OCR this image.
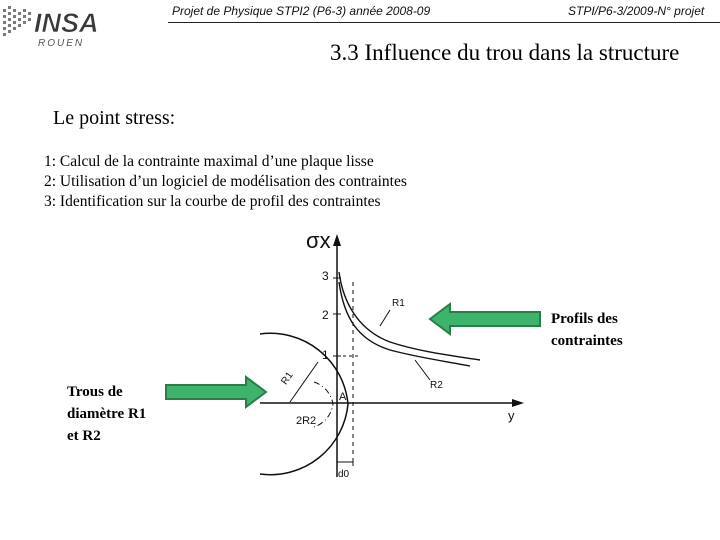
INSA
ROUEN
Projet de Physique STPI2 (P6-3) année 2008-09	STPI/P6-3/2009-N° projet
3.3 Influence du trou dans la structure
Le point stress:
1: Calcul de la contrainte maximal d’une plaque lisse
2: Utilisation d’un logiciel de modélisation des contraintes
3: Identification sur la courbe de profil des contraintes
σx
y
3
2
1
R1
R2
R1
A
2R2
d0
Profils des
contraintes
Trous de
diamètre R1
et R2
